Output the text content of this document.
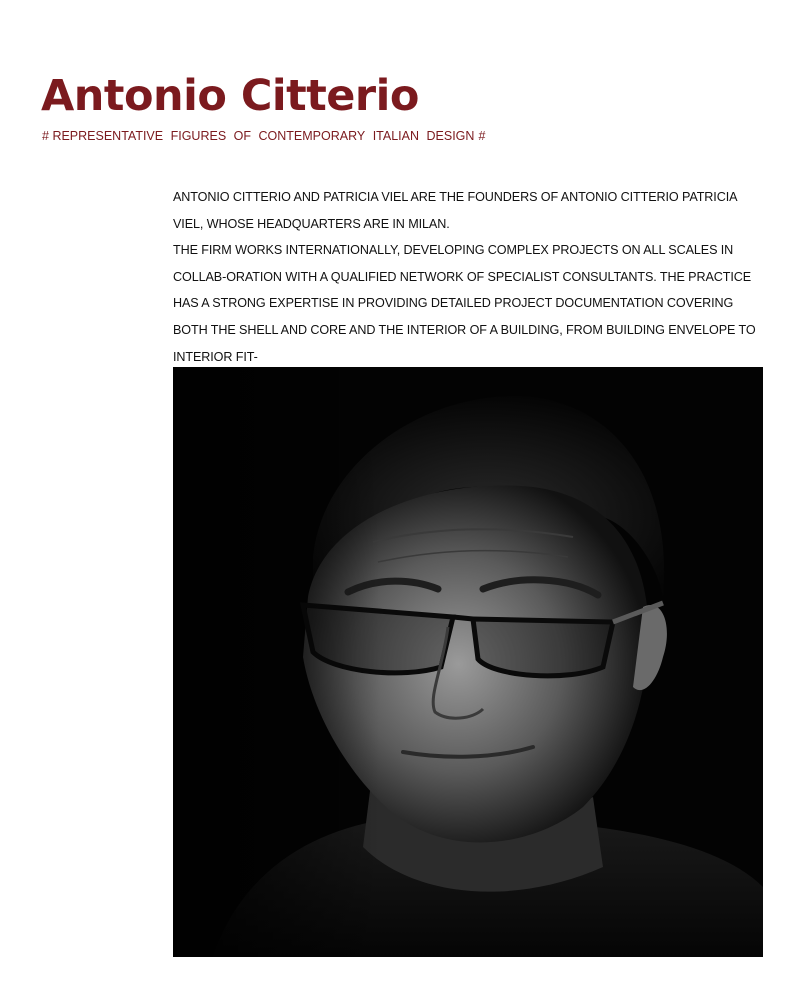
Antonio Citterio
# REPRESENTATIVE FIGURES OF CONTEMPORARY ITALIAN DESIGN #

ANTONIO CITTERIO AND PATRICIA VIEL ARE THE FOUNDERS OF ANTONIO CITTERIO PATRICIA VIEL, WHOSE HEADQUARTERS ARE IN MILAN.

THE FIRM WORKS INTERNATIONALLY, DEVELOPING COMPLEX PROJECTS ON ALL SCALES IN COLLAB-ORATION WITH A QUALIFIED NETWORK OF SPECIALIST CONSULTANTS. THE PRACTICE HAS A STRONG EXPERTISE IN PROVIDING DETAILED PROJECT DOCUMENTATION COVERING BOTH THE SHELL AND CORE AND THE INTERIOR OF A BUILDING, FROM BUILDING ENVELOPE TO INTERIOR FIT-
